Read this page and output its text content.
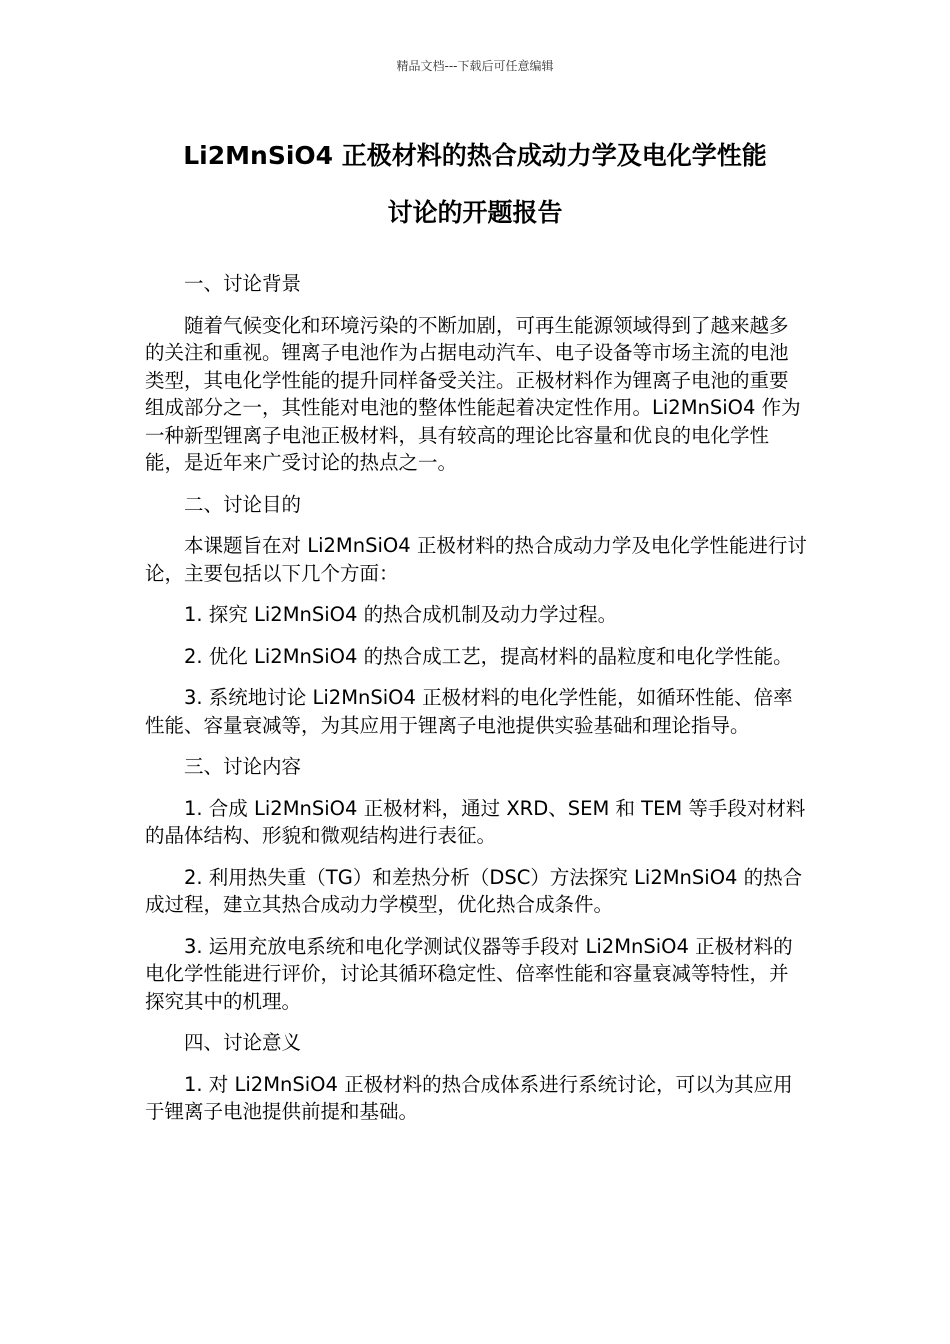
精品文档---下载后可任意编辑
Li2MnSiO4 正极材料的热合成动力学及电化学性能
讨论的开题报告

一、讨论背景

随着气候变化和环境污染的不断加剧，可再生能源领域得到了越来越多的关注和重视。锂离子电池作为占据电动汽车、电子设备等市场主流的电池类型，其电化学性能的提升同样备受关注。正极材料作为锂离子电池的重要组成部分之一，其性能对电池的整体性能起着决定性作用。Li2MnSiO4 作为一种新型锂离子电池正极材料，具有较高的理论比容量和优良的电化学性能，是近年来广受讨论的热点之一。

二、讨论目的

本课题旨在对 Li2MnSiO4 正极材料的热合成动力学及电化学性能进行讨论，主要包括以下几个方面：

1. 探究 Li2MnSiO4 的热合成机制及动力学过程。

2. 优化 Li2MnSiO4 的热合成工艺，提高材料的晶粒度和电化学性能。

3. 系统地讨论 Li2MnSiO4 正极材料的电化学性能，如循环性能、倍率性能、容量衰减等，为其应用于锂离子电池提供实验基础和理论指导。

三、讨论内容

1. 合成 Li2MnSiO4 正极材料，通过 XRD、SEM 和 TEM 等手段对材料的晶体结构、形貌和微观结构进行表征。

2. 利用热失重（TG）和差热分析（DSC）方法探究 Li2MnSiO4 的热合成过程，建立其热合成动力学模型，优化热合成条件。

3. 运用充放电系统和电化学测试仪器等手段对 Li2MnSiO4 正极材料的电化学性能进行评价，讨论其循环稳定性、倍率性能和容量衰减等特性，并探究其中的机理。

四、讨论意义

1. 对 Li2MnSiO4 正极材料的热合成体系进行系统讨论，可以为其应用于锂离子电池提供前提和基础。
